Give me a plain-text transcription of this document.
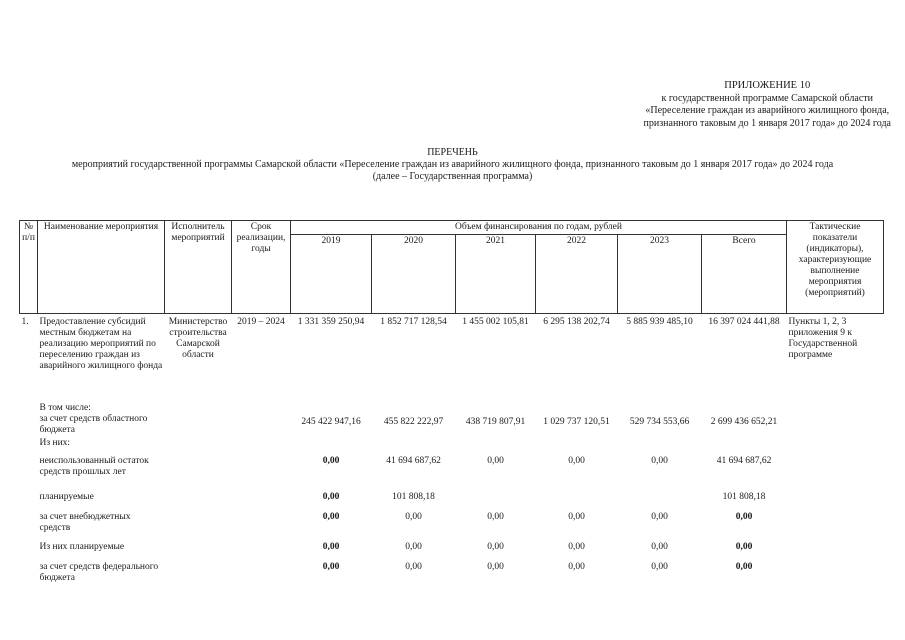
ПРИЛОЖЕНИЕ 10
к государственной программе Самарской области
«Переселение граждан из аварийного жилищного фонда,
признанного таковым до 1 января 2017 года» до 2024 года
ПЕРЕЧЕНЬ
мероприятий государственной программы Самарской области «Переселение граждан из аварийного жилищного фонда, признанного таковым до 1 января 2017 года» до 2024 года
(далее – Государственная программа)
№ п/п	Наименование мероприятия	Исполнитель мероприятий	Срок реализации, годы	Объем финансирования по годам, рублей						Тактические показатели (индикаторы), характеризующие выполнение мероприятия (мероприятий)
				2019	2020	2021	2022	2023	Всего	
1.	Предоставление субсидий местным бюджетам на реализацию мероприятий по переселению граждан из аварийного жилищного фонда	Министерство строительства Самарской области	2019 – 2024	1 331 359 250,94	1 852 717 128,54	1 455 002 105,81	6 295 138 202,74	5 885 939 485,10	16 397 024 441,88	Пункты 1, 2, 3 приложения 9 к Государственной программе
	В том числе:									
	за счет средств областного бюджета			245 422 947,16	455 822 222,97	438 719 807,91	1 029 737 120,51	529 734 553,66	2 699 436 652,21	
	Из них:									
	неиспользованный остаток средств прошлых лет			0,00	41 694 687,62	0,00	0,00	0,00	41 694 687,62	
	планируемые			0,00	101 808,18				101 808,18	
	за счет внебюджетных средств			0,00	0,00	0,00	0,00	0,00	0,00	
	Из них планируемые			0,00	0,00	0,00	0,00	0,00	0,00	
	за счет средств федерального бюджета			0,00	0,00	0,00	0,00	0,00	0,00	
